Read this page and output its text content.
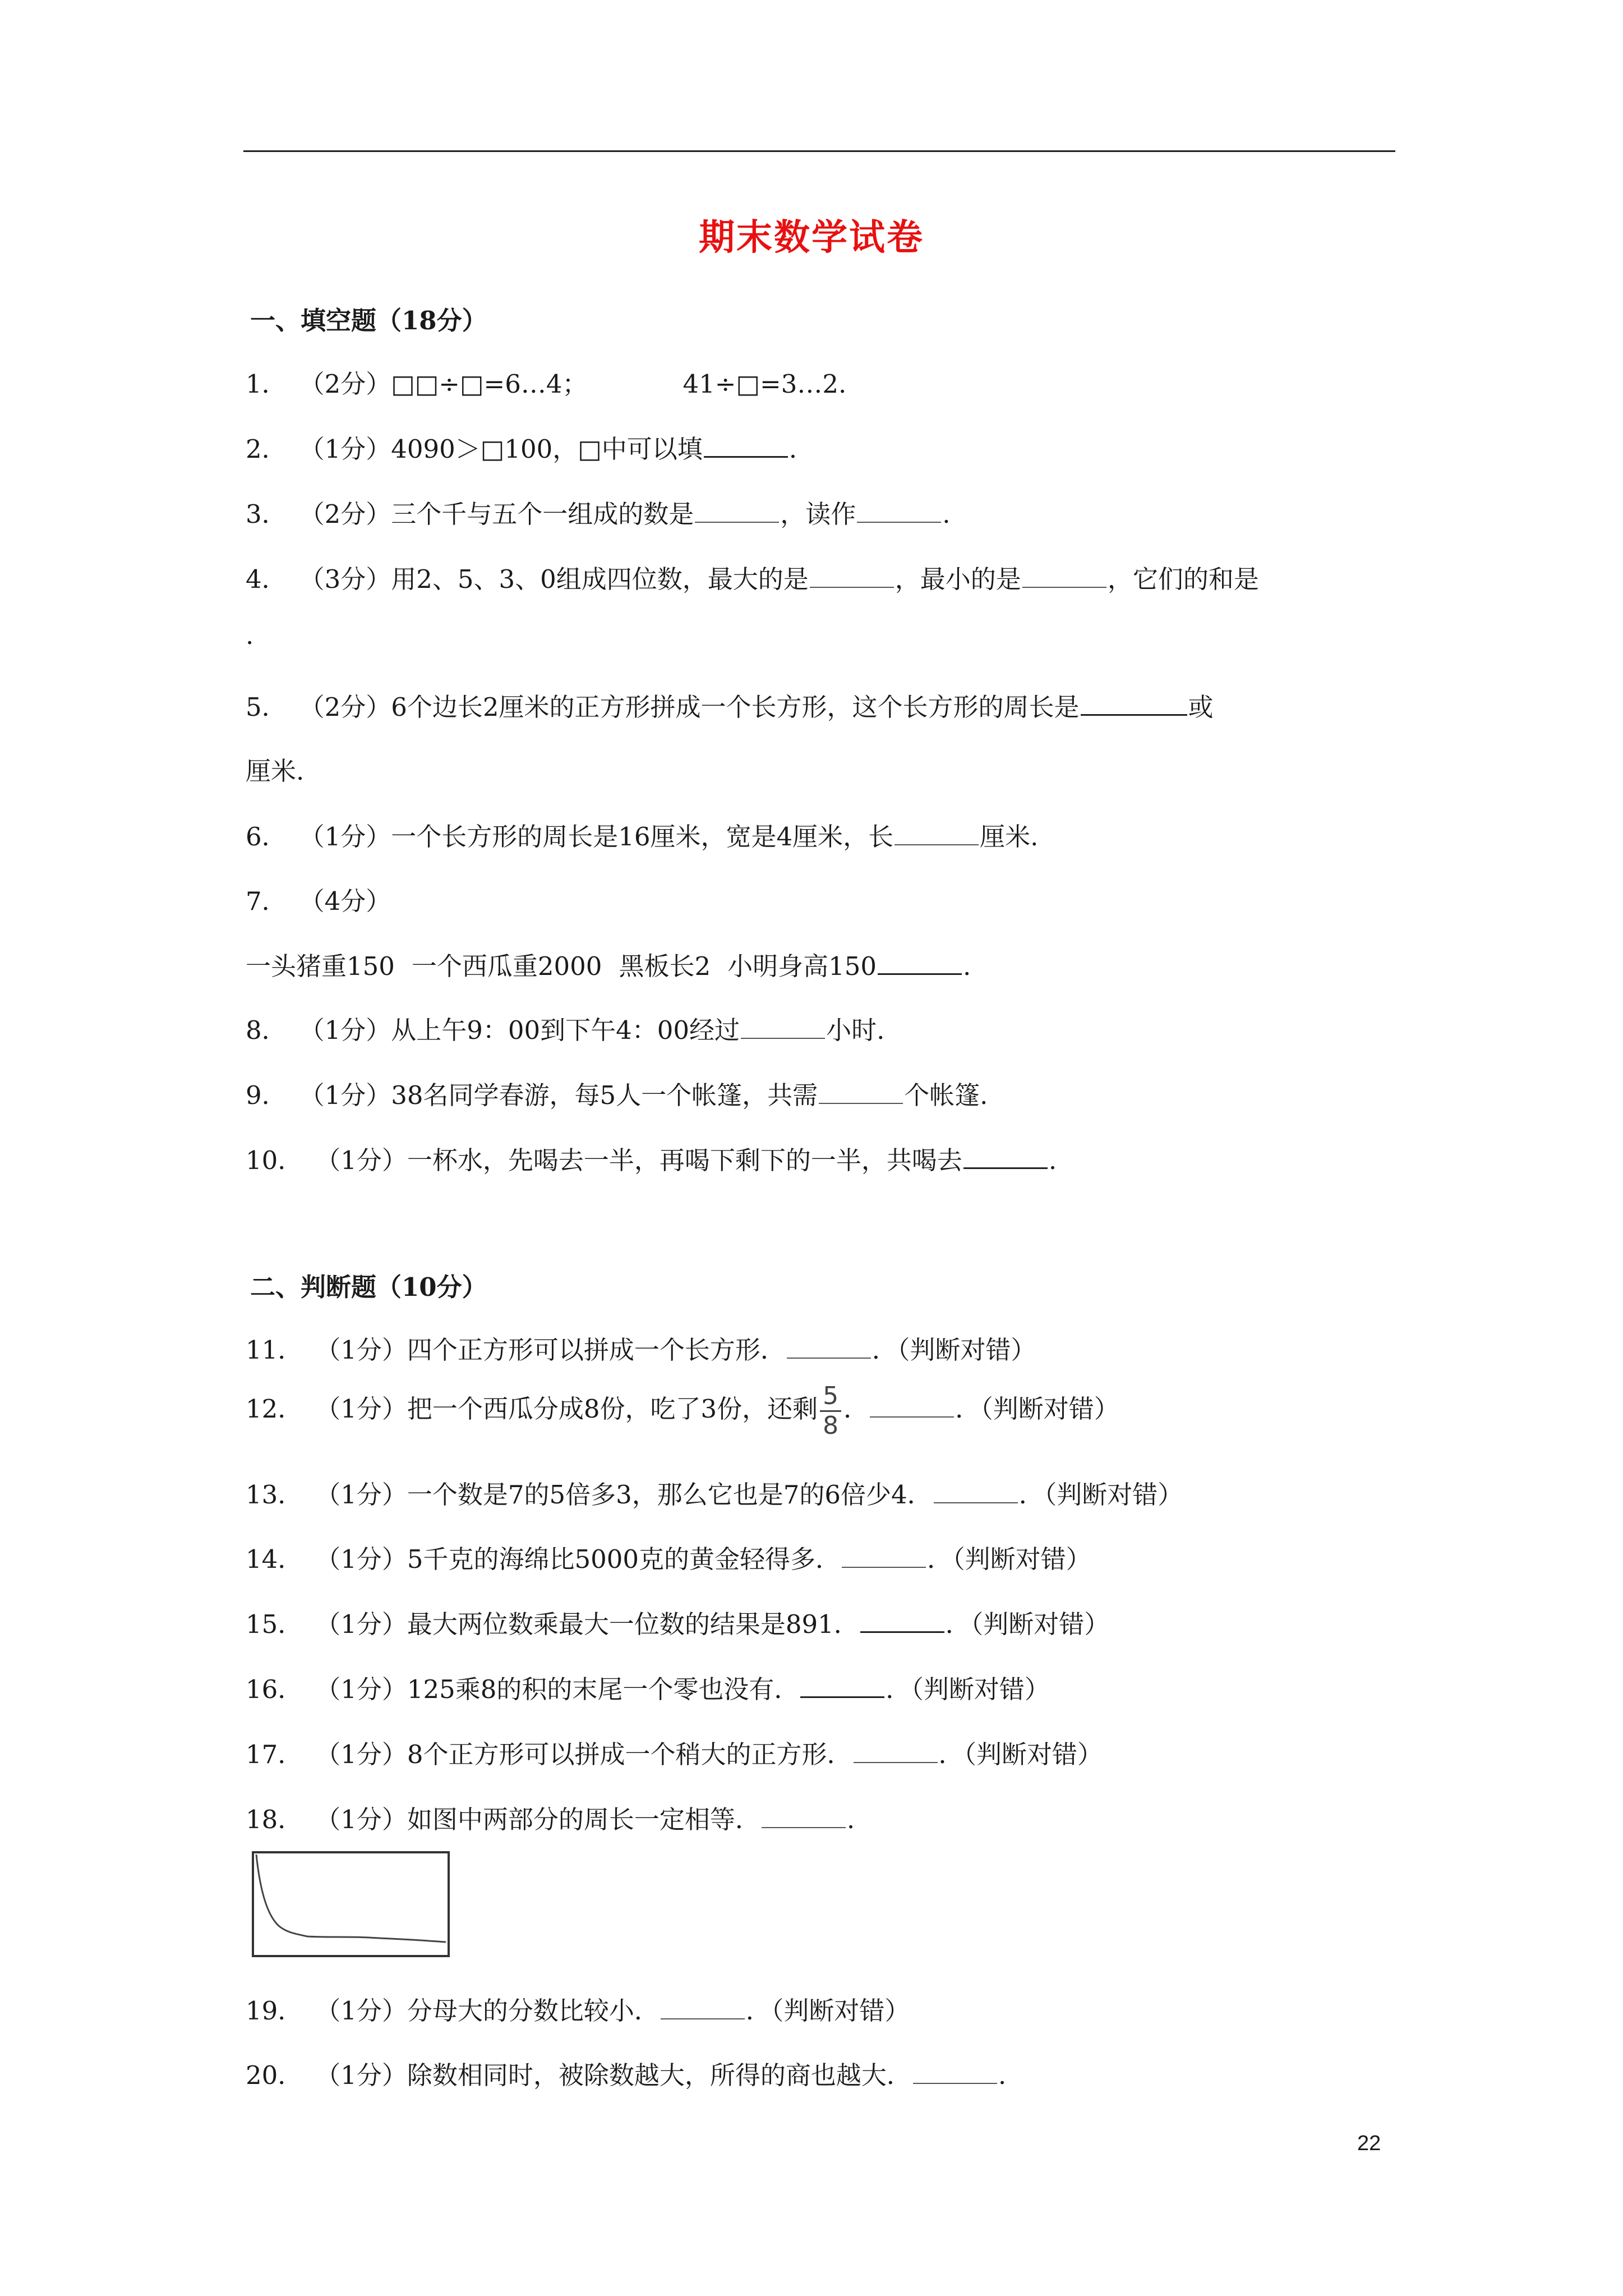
期末数学试卷
一、填空题（18分）
1． （2分）□□÷□=6…4；	41÷□=3…2.
2． （1分）4090＞□100，□中可以填	.
3． （2分）三个千与五个一组成的数是	，读作	.
4． （3分）用2、5、3、0组成四位数，最大的是	，最小的是	，它们的和是
.
5． （2分）6个边长2厘米的正方形拼成一个长方形，这个长方形的周长是	或
厘米.
6． （1分）一个长方形的周长是16厘米，宽是4厘米，长	厘米.
7． （4分）
一头猪重150 一个西瓜重2000 黑板长2 小明身高150	.
8． （1分）从上午9：00到下午4：00经过	小时.
9． （1分）38名同学春游，每5人一个帐篷，共需	个帐篷.
10． （1分）一杯水，先喝去一半，再喝下剩下的一半，共喝去	.
二、判断题（10分）
11． （1分）四个正方形可以拼成一个长方形．	．（判断对错）
12． （1分）把一个西瓜分成8份，吃了3份，还剩 $\frac{5}{8}$ ．	．（判断对错）
13． （1分）一个数是7的5倍多3，那么它也是7的6倍少4．	．（判断对错）
14． （1分）5千克的海绵比5000克的黄金轻得多．	．（判断对错）
15． （1分）最大两位数乘最大一位数的结果是891．	．（判断对错）
16． （1分）125乘8的积的末尾一个零也没有．	．（判断对错）
17． （1分）8个正方形可以拼成一个稍大的正方形．	．（判断对错）
18． （1分）如图中两部分的周长一定相等．	.
19． （1分）分母大的分数比较小．	．（判断对错）
20． （1分）除数相同时，被除数越大，所得的商也越大．	.
22
